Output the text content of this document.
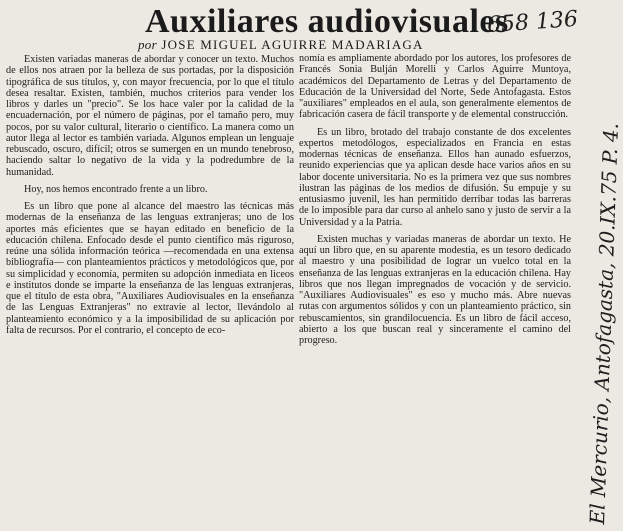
Auxiliares audiovisuales
por JOSE MIGUEL AGUIRRE MADARIAGA
658 136

Existen variadas maneras de abordar y conocer un texto. Muchos de ellos nos atraen por la belleza de sus portadas, por la disposición tipográfica de sus títulos, y, con mayor frecuencia, por lo que el título desea resaltar. Existen, también, muchos criterios para vender los libros y darles un "precio". Se los hace valer por la calidad de la encuadernación, por el número de páginas, por el tamaño pero, muy pocos, por su valor cultural, literario o científico. La manera como un autor llega al lector es también variada. Algunos emplean un lenguaje rebuscado, oscuro, difícil; otros se sumergen en un mundo tenebroso, haciendo saltar lo negativo de la vida y la podredumbre de la humanidad.

Hoy, nos hemos encontrado frente a un libro.

Es un libro que pone al alcance del maestro las técnicas más modernas de la enseñanza de las lenguas extranjeras; uno de los aportes más eficientes que se hayan editado en beneficio de la educación chilena. Enfocado desde el punto científico más riguroso, reúne una sólida información teórica —recomendada en una extensa bibliografía— con planteamientos prácticos y metodológicos que, por su simplicidad y economía, permiten su adopción inmediata en liceos e institutos donde se imparte la enseñanza de las lenguas extranjeras, que el título de esta obra, "Auxiliares Audiovisuales en la enseñanza de las Lenguas Extranjeras" no extravíe al lector, llevándolo al planteamiento económico y a la imposibilidad de su aplicación por falta de recursos. Por el contrario, el concepto de eco-

nomía es ampliamente abordado por los autores, los profesores de Francés Sonia Bulján Morelli y Carlos Aguirre Muntoya, académicos del Departamento de Letras y del Departamento de Educación de la Universidad del Norte, Sede Antofagasta. Estos "auxiliares" empleados en el aula, son generalmente elementos de fabricación casera de fácil transporte y de elemental construcción.

Es un libro, brotado del trabajo constante de dos excelentes expertos metodólogos, especializados en Francia en estas modernas técnicas de enseñanza. Ellos han aunado esfuerzos, reunido experiencias que ya aplican desde hace varios años en su labor docente universitaria. No es la primera vez que sus nombres ilustran las páginas de los medios de difusión. Su empuje y su entusiasmo juvenil, les han permitido derribar todas las barreras de lo imposible para dar curso al anhelo sano y justo de servir a la Universidad y a la Patria.

Existen muchas y variadas maneras de abordar un texto. He aquí un libro que, en su aparente modestia, es un tesoro dedicado al maestro y una posibilidad de lograr un vuelco total en la enseñanza de las lenguas extranjeras en la educación chilena. Hay libros que nos llegan impregnados de vocación y de servicio. "Auxiliares Audiovisuales" es eso y mucho más. Abre nuevas rutas con argumentos sólidos y con un planteamiento práctico, sin rebuscamientos, sin grandilocuencia. Es un libro de fácil acceso, abierto a los que buscan real y sinceramente el camino del progreso.	El Mercurio, Antofagasta, 20.IX.75 P. 4.
